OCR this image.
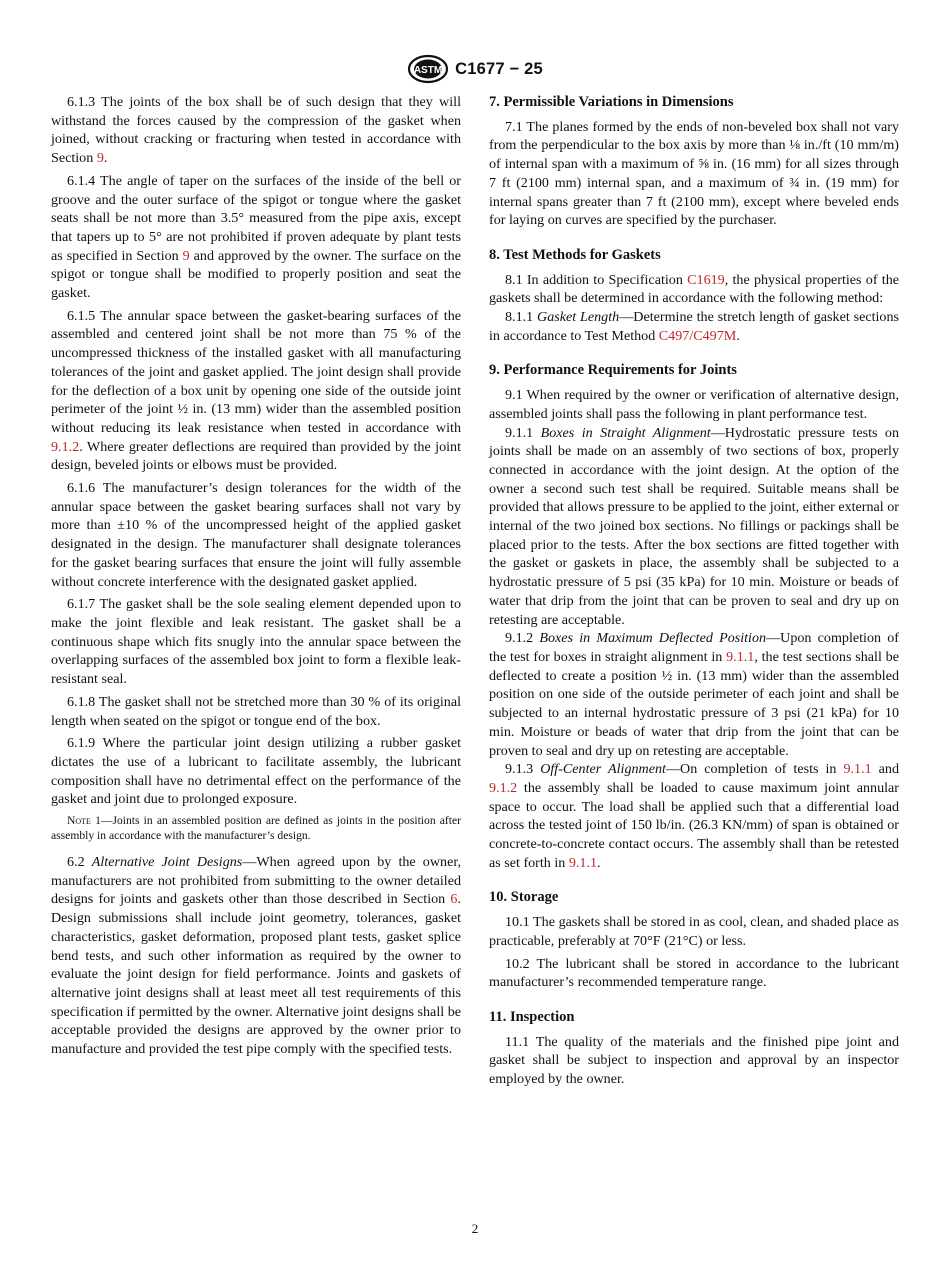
ASTM C1677 − 25

6.1.3 The joints of the box shall be of such design that they will withstand the forces caused by the compression of the gasket when joined, without cracking or fracturing when tested in accordance with Section 9.

6.1.4 The angle of taper on the surfaces of the inside of the bell or groove and the outer surface of the spigot or tongue where the gasket seats shall be not more than 3.5° measured from the pipe axis, except that tapers up to 5° are not prohibited if proven adequate by plant tests as specified in Section 9 and approved by the owner. The surface on the spigot or tongue shall be modified to properly position and seat the gasket.

6.1.5 The annular space between the gasket-bearing surfaces of the assembled and centered joint shall be not more than 75 % of the uncompressed thickness of the installed gasket with all manufacturing tolerances of the joint and gasket applied. The joint design shall provide for the deflection of a box unit by opening one side of the outside joint perimeter of the joint ½ in. (13 mm) wider than the assembled position without reducing its leak resistance when tested in accordance with 9.1.2. Where greater deflections are required than provided by the joint design, beveled joints or elbows must be provided.

6.1.6 The manufacturer’s design tolerances for the width of the annular space between the gasket bearing surfaces shall not vary by more than ±10 % of the uncompressed height of the applied gasket designated in the design. The manufacturer shall designate tolerances for the gasket bearing surfaces that ensure the joint will fully assemble without concrete interference with the designated gasket applied.

6.1.7 The gasket shall be the sole sealing element depended upon to make the joint flexible and leak resistant. The gasket shall be a continuous shape which fits snugly into the annular space between the overlapping surfaces of the assembled box joint to form a flexible leak-resistant seal.

6.1.8 The gasket shall not be stretched more than 30 % of its original length when seated on the spigot or tongue end of the box.

6.1.9 Where the particular joint design utilizing a rubber gasket dictates the use of a lubricant to facilitate assembly, the lubricant composition shall have no detrimental effect on the performance of the gasket and joint due to prolonged exposure.

Note 1—Joints in an assembled position are defined as joints in the position after assembly in accordance with the manufacturer’s design.

6.2 Alternative Joint Designs—When agreed upon by the owner, manufacturers are not prohibited from submitting to the owner detailed designs for joints and gaskets other than those described in Section 6. Design submissions shall include joint geometry, tolerances, gasket characteristics, gasket deformation, proposed plant tests, gasket splice bend tests, and such other information as required by the owner to evaluate the joint design for field performance. Joints and gaskets of alternative joint designs shall at least meet all test requirements of this specification if permitted by the owner. Alternative joint designs shall be acceptable provided the designs are approved by the owner prior to manufacture and provided the test pipe comply with the specified tests.

7. Permissible Variations in Dimensions

7.1 The planes formed by the ends of non-beveled box shall not vary from the perpendicular to the box axis by more than ⅛ in./ft (10 mm/m) of internal span with a maximum of ⅝ in. (16 mm) for all sizes through 7 ft (2100 mm) internal span, and a maximum of ¾ in. (19 mm) for internal spans greater than 7 ft (2100 mm), except where beveled ends for laying on curves are specified by the purchaser.

8. Test Methods for Gaskets

8.1 In addition to Specification C1619, the physical properties of the gaskets shall be determined in accordance with the following method:

8.1.1 Gasket Length—Determine the stretch length of gasket sections in accordance to Test Method C497/C497M.

9. Performance Requirements for Joints

9.1 When required by the owner or verification of alternative design, assembled joints shall pass the following in plant performance test.

9.1.1 Boxes in Straight Alignment—Hydrostatic pressure tests on joints shall be made on an assembly of two sections of box, properly connected in accordance with the joint design. At the option of the owner a second such test shall be required. Suitable means shall be provided that allows pressure to be applied to the joint, either external or internal of the two joined box sections. No fillings or packings shall be placed prior to the tests. After the box sections are fitted together with the gasket or gaskets in place, the assembly shall be subjected to a hydrostatic pressure of 5 psi (35 kPa) for 10 min. Moisture or beads of water that drip from the joint that can be proven to seal and dry up on retesting are acceptable.

9.1.2 Boxes in Maximum Deflected Position—Upon completion of the test for boxes in straight alignment in 9.1.1, the test sections shall be deflected to create a position ½ in. (13 mm) wider than the assembled position on one side of the outside perimeter of each joint and shall be subjected to an internal hydrostatic pressure of 3 psi (21 kPa) for 10 min. Moisture or beads of water that drip from the joint that can be proven to seal and dry up on retesting are acceptable.

9.1.3 Off-Center Alignment—On completion of tests in 9.1.1 and 9.1.2 the assembly shall be loaded to cause maximum joint annular space to occur. The load shall be applied such that a differential load across the tested joint of 150 lb/in. (26.3 KN/mm) of span is obtained or concrete-to-concrete contact occurs. The assembly shall than be retested as set forth in 9.1.1.

10. Storage

10.1 The gaskets shall be stored in as cool, clean, and shaded place as practicable, preferably at 70°F (21°C) or less.

10.2 The lubricant shall be stored in accordance to the lubricant manufacturer’s recommended temperature range.

11. Inspection

11.1 The quality of the materials and the finished pipe joint and gasket shall be subject to inspection and approval by an inspector employed by the owner.

2
